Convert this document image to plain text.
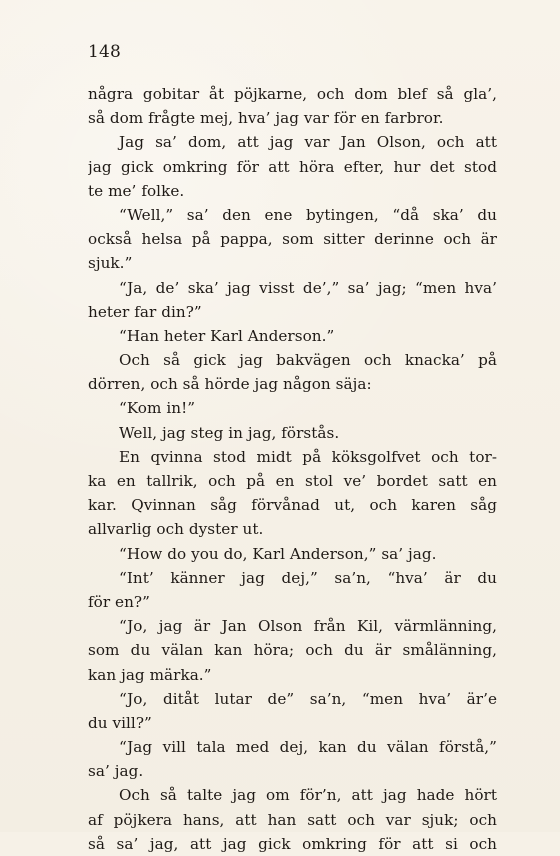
148
några gobitar åt pöjkarne, och dom blef så gla’,
så dom frågte mej, hva’ jag var för en farbror.
Jag sa’ dom, att jag var Jan Olson, och att
jag gick omkring för att höra efter, hur det stod
te me’ folke.
“Well,” sa’ den ene bytingen, “då ska’ du
också helsa på pappa, som sitter derinne och är
sjuk.”
“Ja, de’ ska’ jag visst de’,” sa’ jag; “men hva’
heter far din?”
“Han heter Karl Anderson.”
Och så gick jag bakvägen och knacka’ på
dörren, och så hörde jag någon säja:
“Kom in!”
Well, jag steg in jag, förstås.
En qvinna stod midt på köksgolfvet och tor-
ka en tallrik, och på en stol ve’ bordet satt en
kar. Qvinnan såg förvånad ut, och karen såg
allvarlig och dyster ut.
“How do you do, Karl Anderson,” sa’ jag.
“Int’ känner jag dej,” sa’n, “hva’ är du
för en?”
“Jo, jag är Jan Olson från Kil, värmlänning,
som du välan kan höra; och du är smålänning,
kan jag märka.”
“Jo, ditåt lutar de” sa’n, “men hva’ är’e
du vill?”
“Jag vill tala med dej, kan du välan förstå,”
sa’ jag.
Och så talte jag om för’n, att jag hade hört
af pöjkera hans, att han satt och var sjuk; och
så sa’ jag, att jag gick omkring för att si och
